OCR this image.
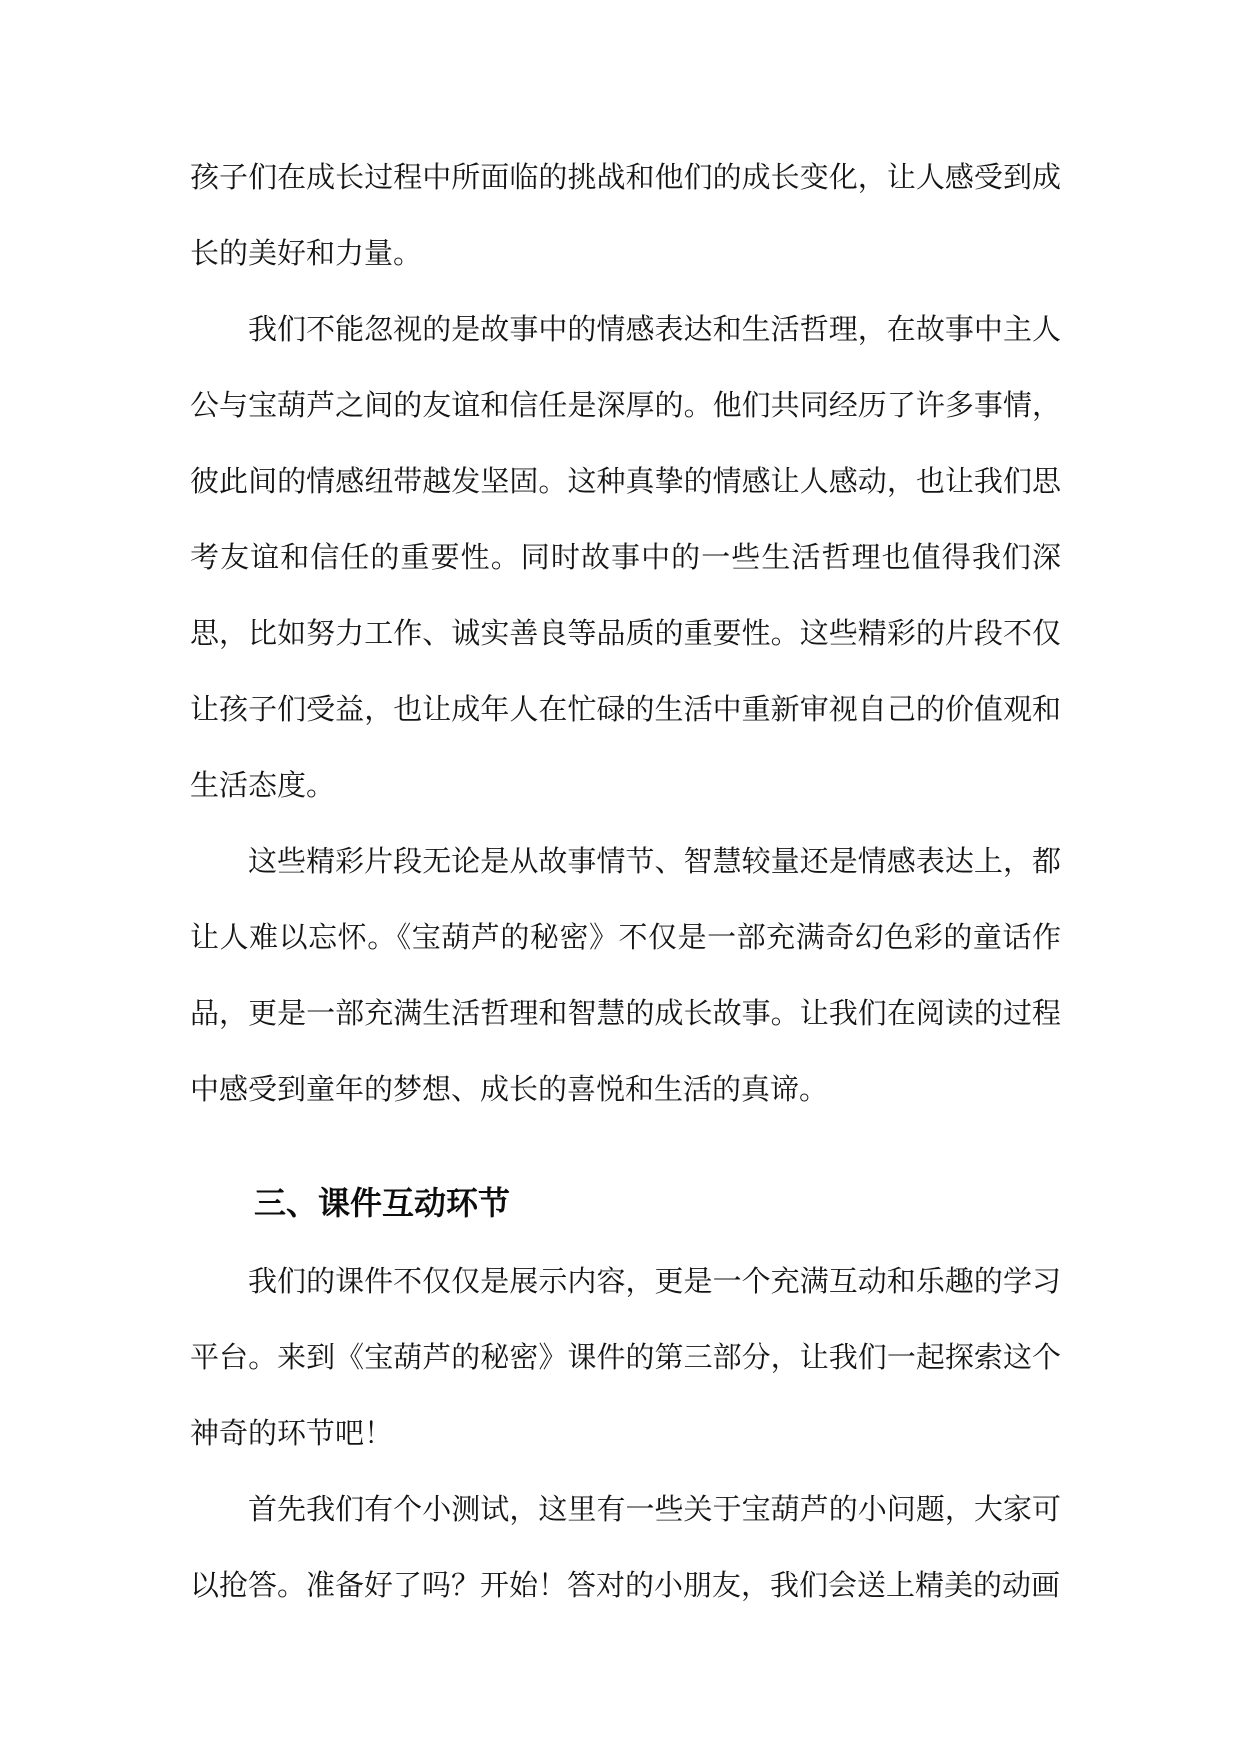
孩子们在成长过程中所面临的挑战和他们的成长变化，让人感受到成长的美好和力量。

我们不能忽视的是故事中的情感表达和生活哲理，在故事中主人公与宝葫芦之间的友谊和信任是深厚的。他们共同经历了许多事情，彼此间的情感纽带越发坚固。这种真挚的情感让人感动，也让我们思考友谊和信任的重要性。同时故事中的一些生活哲理也值得我们深思，比如努力工作、诚实善良等品质的重要性。这些精彩的片段不仅让孩子们受益，也让成年人在忙碌的生活中重新审视自己的价值观和生活态度。

这些精彩片段无论是从故事情节、智慧较量还是情感表达上，都让人难以忘怀。《宝葫芦的秘密》不仅是一部充满奇幻色彩的童话作品，更是一部充满生活哲理和智慧的成长故事。让我们在阅读的过程中感受到童年的梦想、成长的喜悦和生活的真谛。

三、课件互动环节

我们的课件不仅仅是展示内容，更是一个充满互动和乐趣的学习平台。来到《宝葫芦的秘密》课件的第三部分，让我们一起探索这个神奇的环节吧！

首先我们有个小测试，这里有一些关于宝葫芦的小问题，大家可以抢答。准备好了吗？开始！答对的小朋友，我们会送上精美的动画
